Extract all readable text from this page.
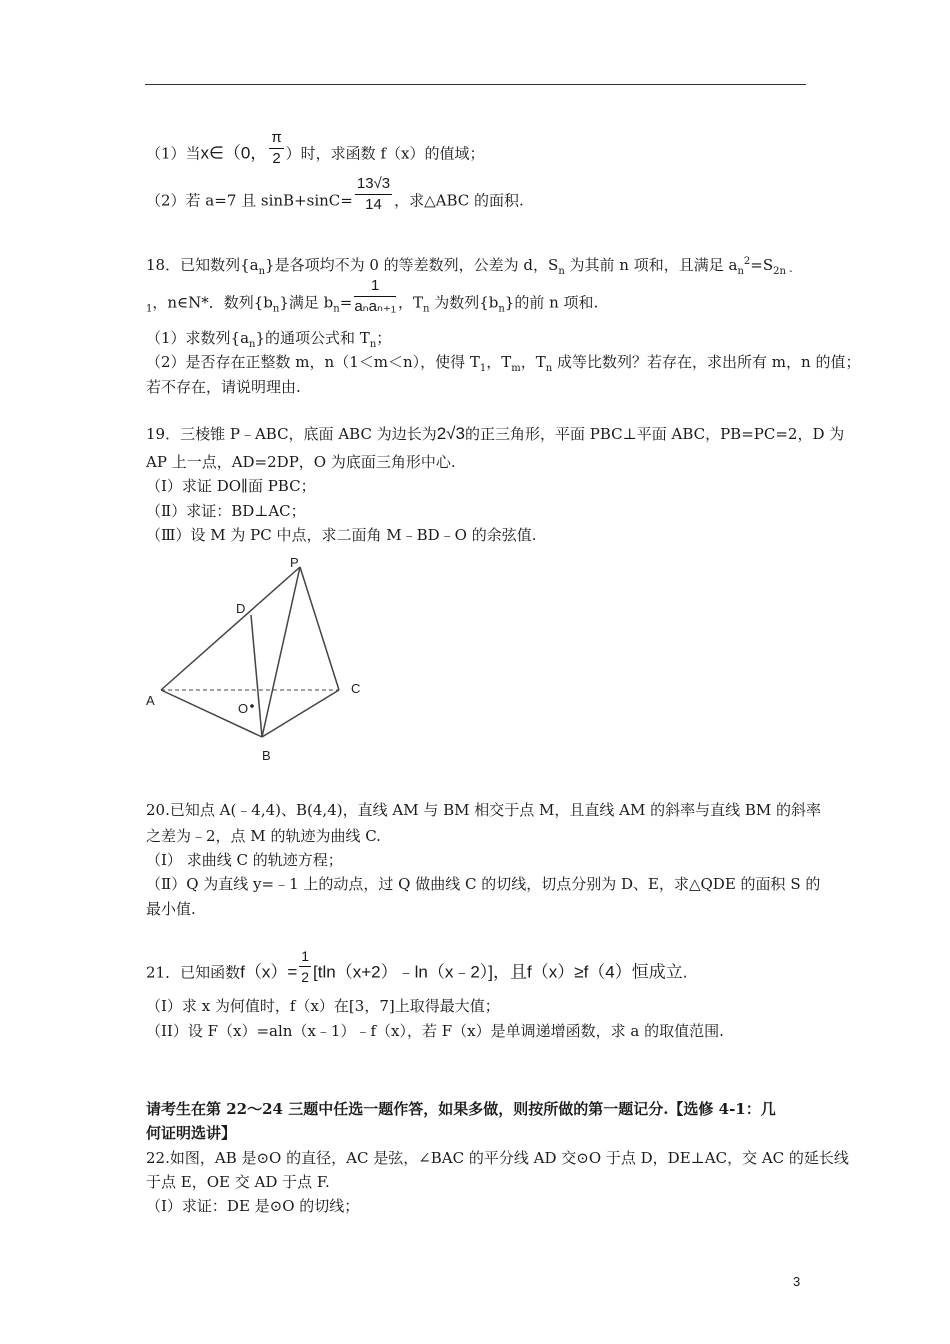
（1）当x∈（0， $\frac{\pi}{2}$ ）时，求函数 f（x）的值域；
（2）若 a=7 且 $\sin B+\sin C= \frac{13√3}{14}$ ，求△ABC 的面积.
18．已知数列$\{a_n\}$是各项均不为 0 的等差数列，公差为 d，$S_n$ 为其前 n 项和，且满足 $a_n^2=S_{2n -}$
$_1$，n∈N*．数列$\{b_n\}$满足 $b_n= \frac{1}{\text{aₙaₙ₊₁}}$ ，$T_n$ 为数列$\{b_n\}$的前 n 项和.
（1）求数列$\{a_n\}$的通项公式和 $T_n$；
（2）是否存在正整数 m，n（1＜m＜n），使得 $T_1$，$T_m$，$T_n$ 成等比数列？若存在，求出所有 m，n 的值；
若不存在，请说明理由.
19．三棱锥 P﹣ABC，底面 ABC 为边长为2√3的正三角形，平面 PBC⊥平面 ABC，PB=PC=2，D 为
AP 上一点，AD=2DP，O 为底面三角形中心.
（Ⅰ）求证 DO∥面 PBC；
（Ⅱ）求证：BD⊥AC；
（Ⅲ）设 M 为 PC 中点，求二面角 M﹣BD﹣O 的余弦值.
P
D
A
O
C
B
20.已知点 A(﹣4,4)、B(4,4)，直线 AM 与 BM 相交于点 M，且直线 AM 的斜率与直线 BM 的斜率
之差为﹣2，点 M 的轨迹为曲线 C.
（Ⅰ） 求曲线 C 的轨迹方程；
（Ⅱ）Q 为直线 y=﹣1 上的动点，过 Q 做曲线 C 的切线，切点分别为 D、E，求△QDE 的面积 S 的
最小值.
21．已知函数$f(x)= \frac{1}{2}$ [tln（x+2）﹣ln（x﹣2）]，且f（x）≥f（4）恒成立.
（I）求 x 为何值时，f（x）在[3，7]上取得最大值；
（II）设 F（x）=aln（x﹣1）﹣f（x），若 F（x）是单调递增函数，求 a 的取值范围.
请考生在第 22～24 三题中任选一题作答，如果多做，则按所做的第一题记分.【选修 4-1：几
何证明选讲】
22.如图，AB 是⊙O 的直径，AC 是弦，∠BAC 的平分线 AD 交⊙O 于点 D，DE⊥AC，交 AC 的延长线
于点 E，OE 交 AD 于点 F.
（Ⅰ）求证：DE 是⊙O 的切线；
3
